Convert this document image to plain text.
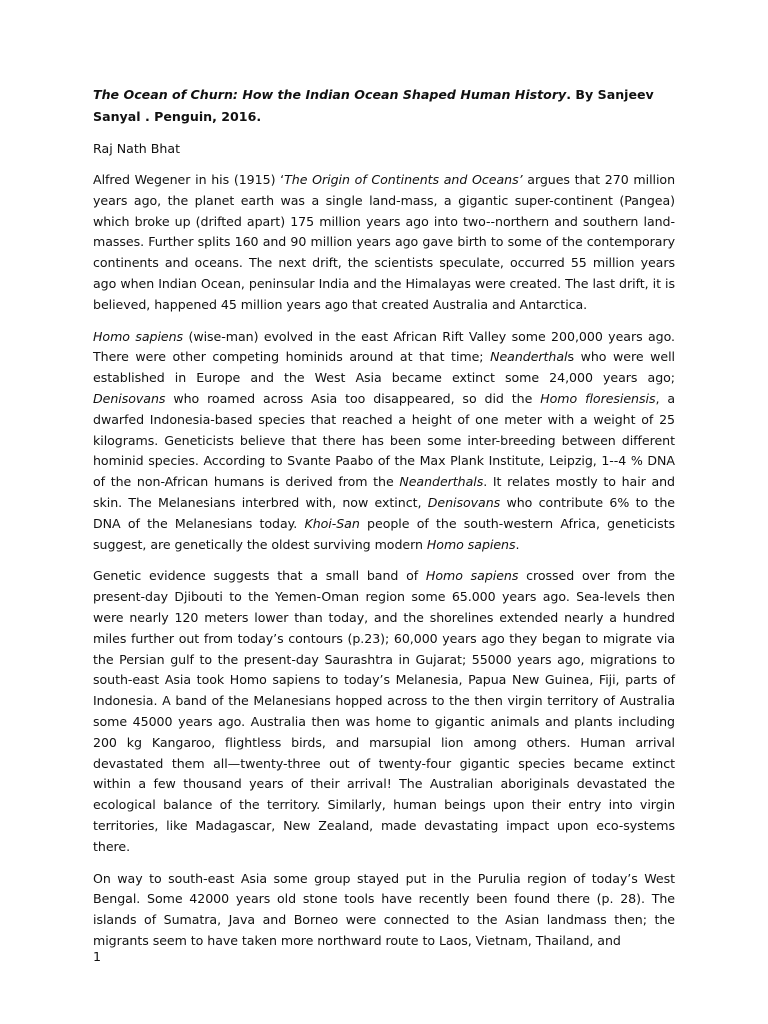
The Ocean of Churn: How the Indian Ocean Shaped Human History. By Sanjeev Sanyal . Penguin, 2016.

Raj Nath Bhat

Alfred Wegener in his (1915) ‘The Origin of Continents and Oceans’ argues that 270 million years ago, the planet earth was a single land-mass, a gigantic super-continent (Pangea) which broke up (drifted apart) 175 million years ago into two--northern and southern land-masses. Further splits 160 and 90 million years ago gave birth to some of the contemporary continents and oceans. The next drift, the scientists speculate, occurred 55 million years ago when Indian Ocean, peninsular India and the Himalayas were created. The last drift, it is believed, happened 45 million years ago that created Australia and Antarctica.

Homo sapiens (wise-man) evolved in the east African Rift Valley some 200,000 years ago. There were other competing hominids around at that time; Neanderthals who were well established in Europe and the West Asia became extinct some 24,000 years ago; Denisovans who roamed across Asia too disappeared, so did the Homo floresiensis, a dwarfed Indonesia-based species that reached a height of one meter with a weight of 25 kilograms. Geneticists believe that there has been some inter-breeding between different hominid species. According to Svante Paabo of the Max Plank Institute, Leipzig, 1--4 % DNA of the non-African humans is derived from the Neanderthals. It relates mostly to hair and skin. The Melanesians interbred with, now extinct, Denisovans who contribute 6% to the DNA of the Melanesians today. Khoi-San people of the south-western Africa, geneticists suggest, are genetically the oldest surviving modern Homo sapiens.

Genetic evidence suggests that a small band of Homo sapiens crossed over from the present-day Djibouti to the Yemen-Oman region some 65.000 years ago. Sea-levels then were nearly 120 meters lower than today, and the shorelines extended nearly a hundred miles further out from today’s contours (p.23); 60,000 years ago they began to migrate via the Persian gulf to the present-day Saurashtra in Gujarat; 55000 years ago, migrations to south-east Asia took Homo sapiens to today’s Melanesia, Papua New Guinea, Fiji, parts of Indonesia. A band of the Melanesians hopped across to the then virgin territory of Australia some 45000 years ago. Australia then was home to gigantic animals and plants including 200 kg Kangaroo, flightless birds, and marsupial lion among others. Human arrival devastated them all—twenty-three out of twenty-four gigantic species became extinct within a few thousand years of their arrival! The Australian aboriginals devastated the ecological balance of the territory. Similarly, human beings upon their entry into virgin territories, like Madagascar, New Zealand, made devastating impact upon eco-systems there.

On way to south-east Asia some group stayed put in the Purulia region of today’s West Bengal. Some 42000 years old stone tools have recently been found there (p. 28). The islands of Sumatra, Java and Borneo were connected to the Asian landmass then; the migrants seem to have taken more northward route to Laos, Vietnam, Thailand, and

1
